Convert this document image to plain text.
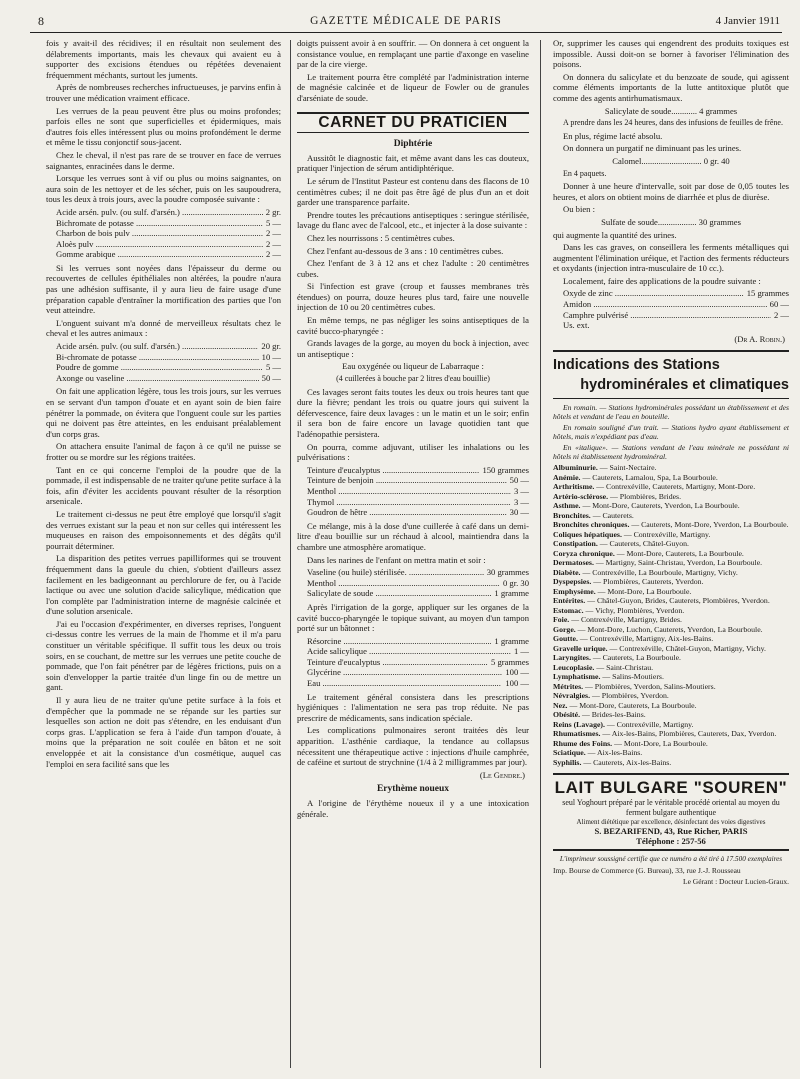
8	GAZETTE MÉDICALE DE PARIS	4 Janvier 1911

fois y avait-il des récidives; il en résultait non seulement des délabrements importants, mais les chevaux qui avaient eu à supporter des excisions étendues ou répétées devenaient fréquemment méchants, surtout les juments.

Après de nombreuses recherches infructueuses, je parvins enfin à trouver une médication vraiment efficace.

Les verrues de la peau peuvent être plus ou moins profondes; parfois elles ne sont que superficielles et épidermiques, mais d'autres fois elles intéressent plus ou moins profondément le derme et même le tissu conjonctif sous-jacent.

Chez le cheval, il n'est pas rare de se trouver en face de verrues saignantes, enracinées dans le derme.

Lorsque les verrues sont à vif ou plus ou moins saignantes, on aura soin de les nettoyer et de les sécher, puis on les saupoudrera, tous les deux à trois jours, avec la poudre composée suivante :

Acide arsén. pulv. (ou sulf. d'arsén.) .....	2 gr.
Bichromate de potasse .....	5 —
Charbon de bois pulv .....	2 —
Aloès pulv .....	2 —
Gomme arabique .....	2 —

Si les verrues sont noyées dans l'épaisseur du derme ou recouvertes de cellules épithéliales non altérées, la poudre n'aura pas une adhésion suffisante, il y aura lieu de faire usage d'une préparation capable d'entraîner la mortification des parties que l'on veut atteindre.

L'onguent suivant m'a donné de merveilleux résultats chez le cheval et les autres animaux :

Acide arsén. pulv. (ou sulf. d'arsén.) .....	20 gr.
Bi-chromate de potasse .....	10 —
Poudre de gomme .....	5 —
Axonge ou vaseline .....	50 —

On fait une application légère, tous les trois jours, sur les verrues en se servant d'un tampon d'ouate et en ayant soin de bien faire pénétrer la pommade, on évitera que l'onguent coule sur les parties qui ne doivent pas être atteintes, en les enduisant préalablement d'un corps gras.

On attachera ensuite l'animal de façon à ce qu'il ne puisse se frotter ou se mordre sur les régions traitées.

Tant en ce qui concerne l'emploi de la poudre que de la pommade, il est indispensable de ne traiter qu'une petite surface à la fois, afin d'éviter les accidents pouvant résulter de la résorption arsenicale.

Le traitement ci-dessus ne peut être employé que lorsqu'il s'agit des verrues existant sur la peau et non sur celles qui intéressent les muqueuses en raison des empoisonnements et des dégâts qu'il pourrait déterminer.

La disparition des petites verrues papilliformes qui se trouvent fréquemment dans la gueule du chien, s'obtient d'ailleurs assez facilement en les badigeonnant au perchlorure de fer, ou à l'acide lactique ou avec une solution d'acide salicylique, médication que l'on complète par l'administration interne de magnésie calcinée et d'une solution arsenicale.

J'ai eu l'occasion d'expérimenter, en diverses reprises, l'onguent ci-dessus contre les verrues de la main de l'homme et il m'a paru constituer un véritable spécifique. Il suffit tous les deux ou trois soirs, en se couchant, de mettre sur les verrues une petite couche de pommade, que l'on fait pénétrer par de légères frictions, puis on a soin d'envelopper la partie traitée d'un linge fin ou de mettre un gant.

Il y aura lieu de ne traiter qu'une petite surface à la fois et d'empêcher que la pommade ne se répande sur les parties sur lesquelles son action ne doit pas s'étendre, en les enduisant d'un corps gras. L'application se fera à l'aide d'un tampon d'ouate, à moins que la préparation ne soit coulée en bâton et ne soit enveloppée et ait la consistance d'un cosmétique, auquel cas l'emploi en sera facilité sans que les

doigts puissent avoir à en souffrir. — On donnera à cet onguent la consistance voulue, en remplaçant une partie d'axonge en vaseline par de la cire vierge.

Le traitement pourra être complété par l'administration interne de magnésie calcinée et de liqueur de Fowler ou de granules d'arséniate de soude.

CARNET DU PRATICIEN
Diphtérie

Aussitôt le diagnostic fait, et même avant dans les cas douteux, pratiquer l'injection de sérum antidiphtérique.

Le sérum de l'Institut Pasteur est contenu dans des flacons de 10 centimètres cubes; il ne doit pas être âgé de plus d'un an et doit garder une transparence parfaite.

Prendre toutes les précautions antiseptiques : seringue stérilisée, lavage du flanc avec de l'alcool, etc., et injecter à la dose suivante :

Chez les nourrissons : 5 centimètres cubes.

Chez l'enfant au-dessous de 3 ans : 10 centimètres cubes.

Chez l'enfant de 3 à 12 ans et chez l'adulte : 20 centimètres cubes.

Si l'infection est grave (croup et fausses membranes très étendues) on pourra, douze heures plus tard, faire une nouvelle injection de 10 ou 20 centimètres cubes.

En même temps, ne pas négliger les soins antiseptiques de la cavité bucco-pharyngée :

Grands lavages de la gorge, au moyen du bock à injection, avec un antiseptique :

Eau oxygénée ou liqueur de Labarraque :

(4 cuillerées à bouche par 2 litres d'eau bouillie)

Ces lavages seront faits toutes les deux ou trois heures tant que dure la fièvre; pendant les trois ou quatre jours qui suivent la défervescence, faire deux lavages : un le matin et un le soir; enfin il sera bon de faire encore un lavage quotidien tant que l'adénopathie persistera.

On pourra, comme adjuvant, utiliser les inhalations ou les pulvérisations :

Teinture d'eucalyptus .....	150 grammes
Teinture de benjoin .....	50 —
Menthol .....	3 —
Thymol .....	3 —
Goudron de hêtre .....	30 —

Ce mélange, mis à la dose d'une cuillerée à café dans un demi-litre d'eau bouillie sur un réchaud à alcool, maintiendra dans la chambre une atmosphère aromatique.

Dans les narines de l'enfant on mettra matin et soir :

Vaseline (ou huile) stérilisée. .....	30 grammes
Menthol .....	0 gr. 30
Salicylate de soude .....	1 gramme

Après l'irrigation de la gorge, appliquer sur les organes de la cavité bucco-pharyngée le topique suivant, au moyen d'un tampon porté sur un bâtonnet :

Résorcine .....	1 gramme
Acide salicylique .....	1 —
Teinture d'eucalyptus .....	5 grammes
Glycérine .....	100 —
Eau .....	100 —

Le traitement général consistera dans les prescriptions hygiéniques : l'alimentation ne sera pas trop réduite. Ne pas prescrire de médicaments, sans indication spéciale.

Les complications pulmonaires seront traitées dès leur apparition. L'asthénie cardiaque, la tendance au collapsus nécessitent une thérapeutique active : injections d'huile camphrée, de caféine et surtout de strychnine (1/4 à 2 milligrammes par jour).

(Le Gendre.)
Erythème noueux

A l'origine de l'érythème noueux il y a une intoxication générale.

Or, supprimer les causes qui engendrent des produits toxiques est impossible. Aussi doit-on se borner à favoriser l'élimination des poisons.

On donnera du salicylate et du benzoate de soude, qui agissent comme éléments importants de la lutte antitoxique plutôt que comme des agents antirhumatismaux.

Salicylate de soude............ 4 grammes

A prendre dans les 24 heures, dans des infusions de feuilles de frêne.

En plus, régime lacté absolu.

On donnera un purgatif ne diminuant pas les urines.

Calomel............................ 0 gr. 40

En 4 paquets.

Donner à une heure d'intervalle, soit par dose de 0,05 toutes les heures, et alors on obtient moins de diarrhée et plus de diurèse.

Ou bien :

Sulfate de soude.................. 30 grammes

qui augmente la quantité des urines.

Dans les cas graves, on conseillera les ferments métalliques qui augmentent l'élimination uréique, et l'action des ferments réducteurs et oxydants (injection intra-musculaire de 10 cc.).

Localement, faire des applications de la poudre suivante :

Oxyde de zinc .....	15 grammes
Amidon .....	60 —
Camphre pulvérisé .....	2 —
Us. ext.
(Dr A. Robin.)
Indications des Stations
hydrominérales et climatiques

En romain. — Stations hydrominérales possédant un établissement et des hôtels et vendant de l'eau en bouteille.

En romain souligné d'un trait. — Stations hydro ayant établissement et hôtels, mais n'expédiant pas d'eau.

En «italique». — Stations vendant de l'eau minérale ne possédant ni hôtels ni établissement hydrominéral.

Albuminurie. — Saint-Nectaire.

Anémie. — Cauterets, Lamalou, Spa, La Bourboule.

Arthritisme. — Contrexéville, Cauterets, Martigny, Mont-Dore.

Artério-sclérose. — Plombières, Brides.

Asthme. — Mont-Dore, Cauterets, Yverdon, La Bourboule.

Bronchites. — Cauterets.

Bronchites chroniques. — Cauterets, Mont-Dore, Yverdon, La Bourboule.

Coliques hépatiques. — Contrexéville, Martigny.

Constipation. — Cauterets, Châtel-Guyon.

Coryza chronique. — Mont-Dore, Cauterets, La Bourboule.

Dermatoses. — Martigny, Saint-Christau, Yverdon, La Bourboule.

Diabète. — Contrexéville, La Bourboule, Martigny, Vichy.

Dyspepsies. — Plombières, Cauterets, Yverdon.

Emphysème. — Mont-Dore, La Bourboule.

Entérites. — Châtel-Guyon, Brides, Cauterets, Plombières, Yverdon.

Estomac. — Vichy, Plombières, Yverdon.

Foie. — Contrexéville, Martigny, Brides.

Gorge. — Mont-Dore, Luchon, Cauterets, Yverdon, La Bourboule.

Goutte. — Contrexéville, Martigny, Aix-les-Bains.

Gravelle urique. — Contrexéville, Châtel-Guyon, Martigny, Vichy.

Laryngites. — Cauterets, La Bourboule.

Leucoplasie. — Saint-Christau.

Lymphatisme. — Salins-Moutiers.

Métrites. — Plombières, Yverdon, Salins-Moutiers.

Névralgies. — Plombières, Yverdon.

Nez. — Mont-Dore, Cauterets, La Bourboule.

Obésité. — Brides-les-Bains.

Reins (Lavage). — Contrexéville, Martigny.

Rhumatismes. — Aix-les-Bains, Plombières, Cauterets, Dax, Yverdon.

Rhume des Foins. — Mont-Dore, La Bourboule.

Sciatique. — Aix-les-Bains.

Syphilis. — Cauterets, Aix-les-Bains.

LAIT BULGARE "SOUREN"
seul Yoghourt préparé par le véritable procédé oriental au moyen du ferment bulgare authentique
Aliment diététique par excellence, désinfectant des voies digestives
S. BEZARIFEND, 43, Rue Richer, PARIS
Téléphone : 257-56

L'imprimeur soussigné certifie que ce numéro a été tiré à 17.500 exemplaires

Imp. Bourse de Commerce (G. Bureau), 33, rue J.-J. Rousseau

Le Gérant : Docteur Lucien-Graux.
